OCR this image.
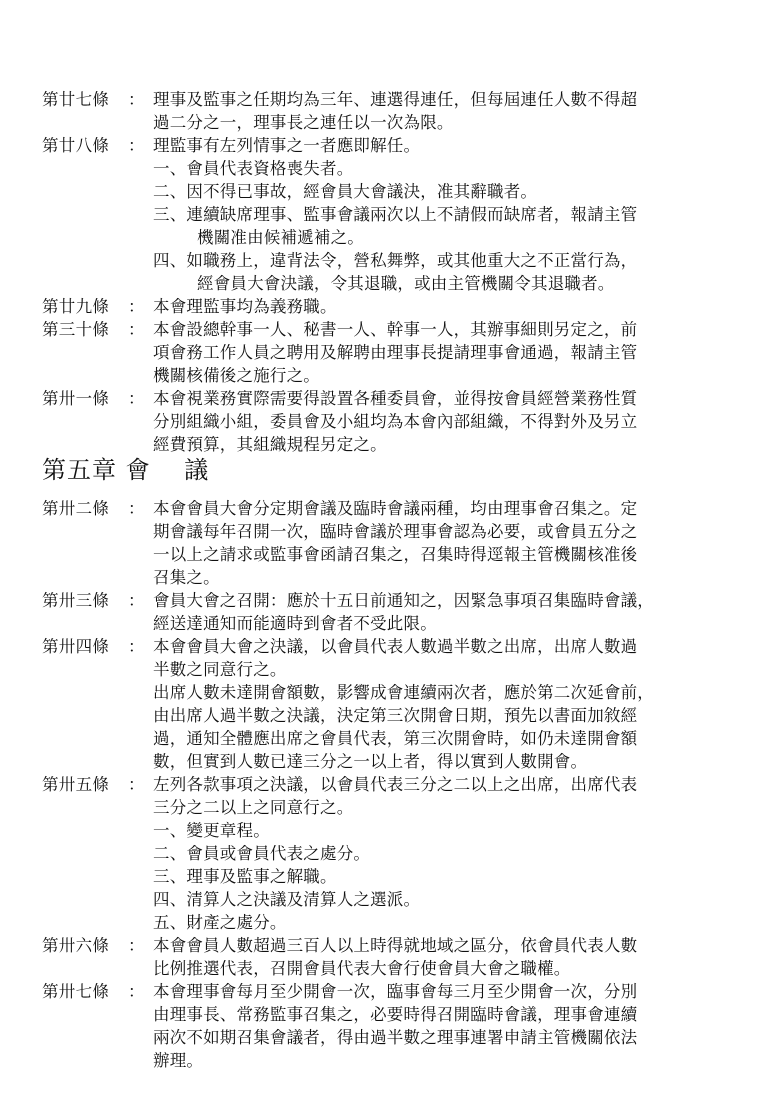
第廿七條 ： 理事及監事之任期均為三年、連選得連任，但每屆連任人數不得超
過二分之一，理事長之連任以一次為限。
第廿八條 ： 理監事有左列情事之一者應即解任。
一、會員代表資格喪失者。
二、因不得已事故，經會員大會議決，准其辭職者。
三、連續缺席理事、監事會議兩次以上不請假而缺席者，報請主管
機關准由候補遞補之。
四、如職務上，違背法令，營私舞弊，或其他重大之不正當行為，
經會員大會決議，令其退職，或由主管機關令其退職者。
第廿九條 ： 本會理監事均為義務職。
第三十條 ： 本會設總幹事一人、秘書一人、幹事一人，其辦事細則另定之，前
項會務工作人員之聘用及解聘由理事長提請理事會通過，報請主管
機關核備後之施行之。
第卅一條 ： 本會視業務實際需要得設置各種委員會，並得按會員經營業務性質
分別組織小組，委員會及小組均為本會內部組織，不得對外及另立
經費預算，其組織規程另定之。
第五章 會　 議
第卅二條 ： 本會會員大會分定期會議及臨時會議兩種，均由理事會召集之。定
期會議每年召開一次，臨時會議於理事會認為必要，或會員五分之
一以上之請求或監事會函請召集之，召集時得逕報主管機關核准後
召集之。
第卅三條 ： 會員大會之召開：應於十五日前通知之，因緊急事項召集臨時會議，
經送達通知而能適時到會者不受此限。
第卅四條 ： 本會會員大會之決議，以會員代表人數過半數之出席，出席人數過
半數之同意行之。
出席人數未達開會額數，影響成會連續兩次者，應於第二次延會前，
由出席人過半數之決議，決定第三次開會日期，預先以書面加敘經
過，通知全體應出席之會員代表，第三次開會時，如仍未達開會額
數，但實到人數已達三分之一以上者，得以實到人數開會。
第卅五條 ： 左列各款事項之決議，以會員代表三分之二以上之出席，出席代表
三分之二以上之同意行之。
一、變更章程。
二、會員或會員代表之處分。
三、理事及監事之解職。
四、清算人之決議及清算人之選派。
五、財產之處分。
第卅六條 ： 本會會員人數超過三百人以上時得就地域之區分，依會員代表人數
比例推選代表，召開會員代表大會行使會員大會之職權。
第卅七條 ： 本會理事會每月至少開會一次，臨事會每三月至少開會一次，分別
由理事長、常務監事召集之，必要時得召開臨時會議，理事會連續
兩次不如期召集會議者，得由過半數之理事連署申請主管機關依法
辦理。
